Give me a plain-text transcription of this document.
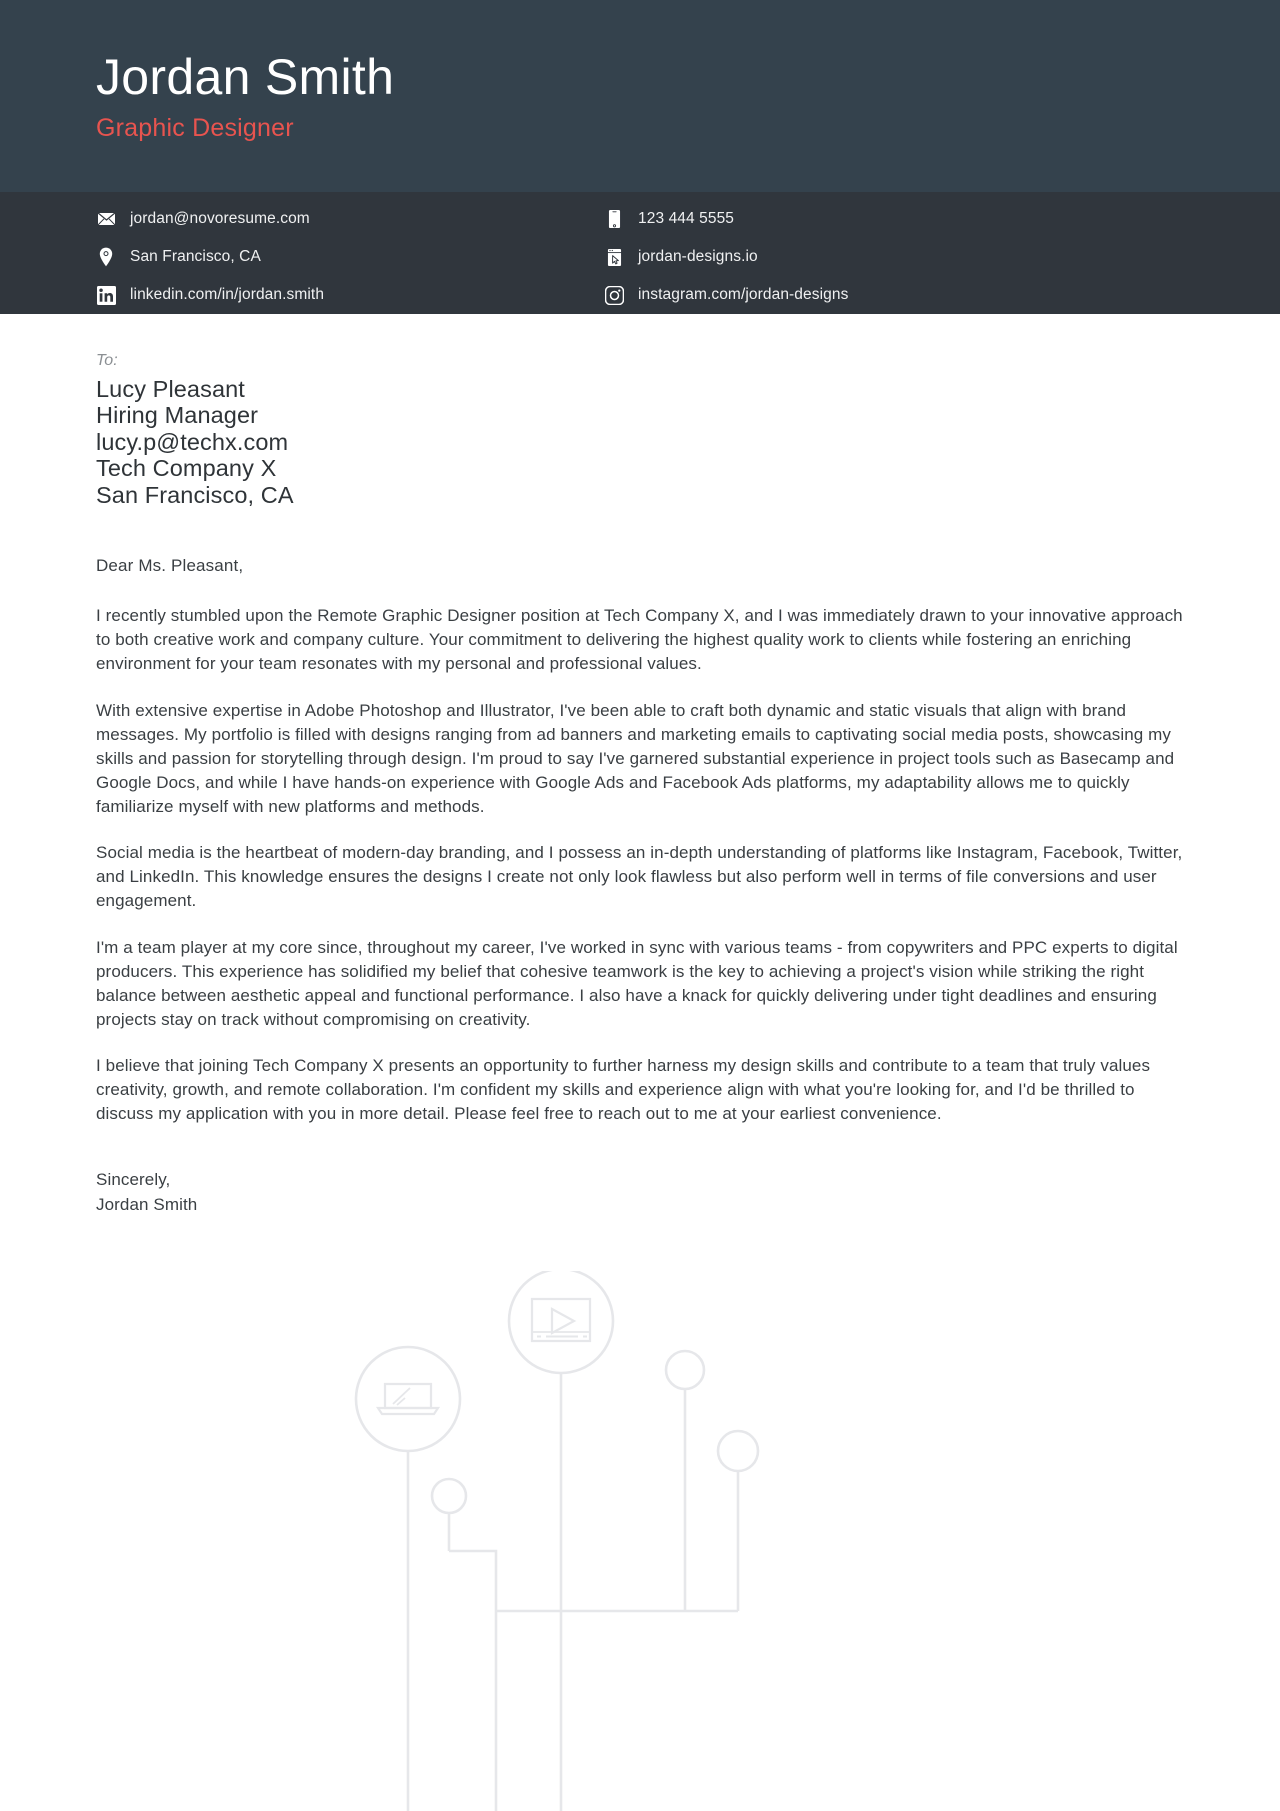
Jordan Smith
Graphic Designer
jordan@novoresume.com
San Francisco, CA
linkedin.com/in/jordan.smith
123 444 5555
jordan-designs.io
instagram.com/jordan-designs
To:
Lucy Pleasant
Hiring Manager
lucy.p@techx.com
Tech Company X
San Francisco, CA
Dear Ms. Pleasant,

I recently stumbled upon the Remote Graphic Designer position at Tech Company X, and I was immediately drawn to your innovative approach to both creative work and company culture. Your commitment to delivering the highest quality work to clients while fostering an enriching environment for your team resonates with my personal and professional values.

With extensive expertise in Adobe Photoshop and Illustrator, I've been able to craft both dynamic and static visuals that align with brand messages. My portfolio is filled with designs ranging from ad banners and marketing emails to captivating social media posts, showcasing my skills and passion for storytelling through design. I'm proud to say I've garnered substantial experience in project tools such as Basecamp and Google Docs, and while I have hands-on experience with Google Ads and Facebook Ads platforms, my adaptability allows me to quickly familiarize myself with new platforms and methods.

Social media is the heartbeat of modern-day branding, and I possess an in-depth understanding of platforms like Instagram, Facebook, Twitter, and LinkedIn. This knowledge ensures the designs I create not only look flawless but also perform well in terms of file conversions and user engagement.

I'm a team player at my core since, throughout my career, I've worked in sync with various teams - from copywriters and PPC experts to digital producers. This experience has solidified my belief that cohesive teamwork is the key to achieving a project's vision while striking the right balance between aesthetic appeal and functional performance. I also have a knack for quickly delivering under tight deadlines and ensuring projects stay on track without compromising on creativity.

I believe that joining Tech Company X presents an opportunity to further harness my design skills and contribute to a team that truly values creativity, growth, and remote collaboration. I'm confident my skills and experience align with what you're looking for, and I'd be thrilled to discuss my application with you in more detail. Please feel free to reach out to me at your earliest convenience.

Sincerely,
Jordan Smith
